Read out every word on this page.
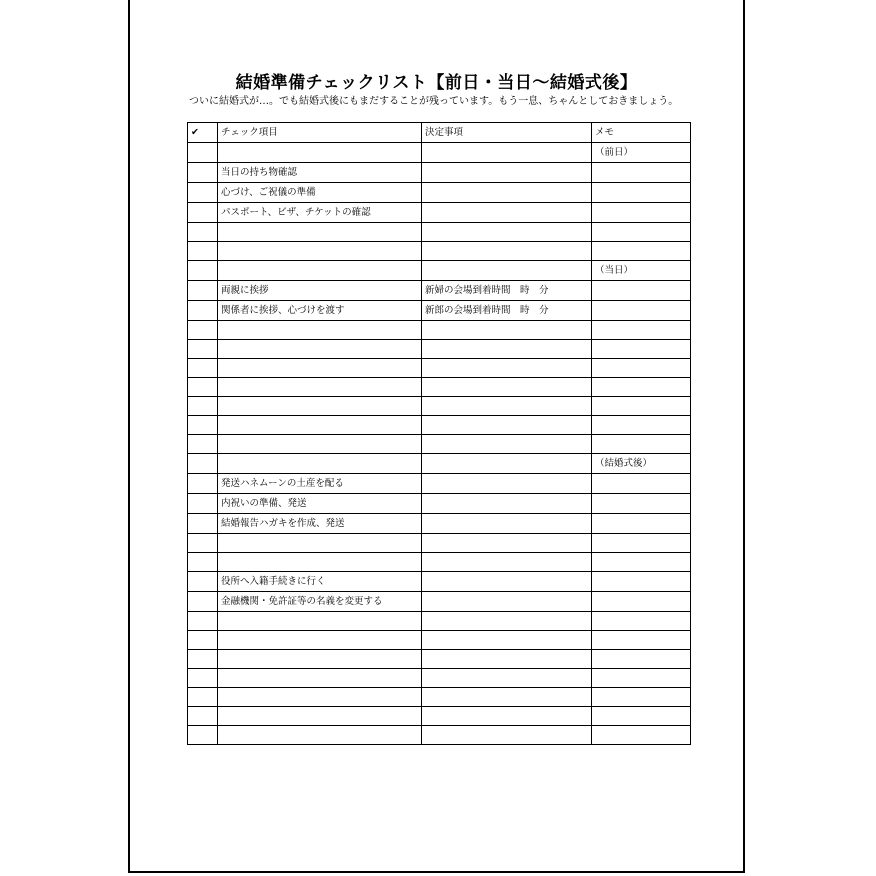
結婚準備チェックリスト【前日・当日～結婚式後】
ついに結婚式が…。でも結婚式後にもまだすることが残っています。もう一息、ちゃんとしておきましょう。
✔	チェック項目	決定事項	メモ
			（前日）
	当日の持ち物確認		
	心づけ、ご祝儀の準備		
	パスポート、ビザ、チケットの確認		

			（当日）
	両親に挨拶	新婦の会場到着時間　時　分	
	関係者に挨拶、心づけを渡す	新郎の会場到着時間　時　分	

			（結婚式後）
	発送ハネムーンの土産を配る		
	内祝いの準備、発送		
	結婚報告ハガキを作成、発送		

	役所へ入籍手続きに行く		
	金融機関・免許証等の名義を変更する		
